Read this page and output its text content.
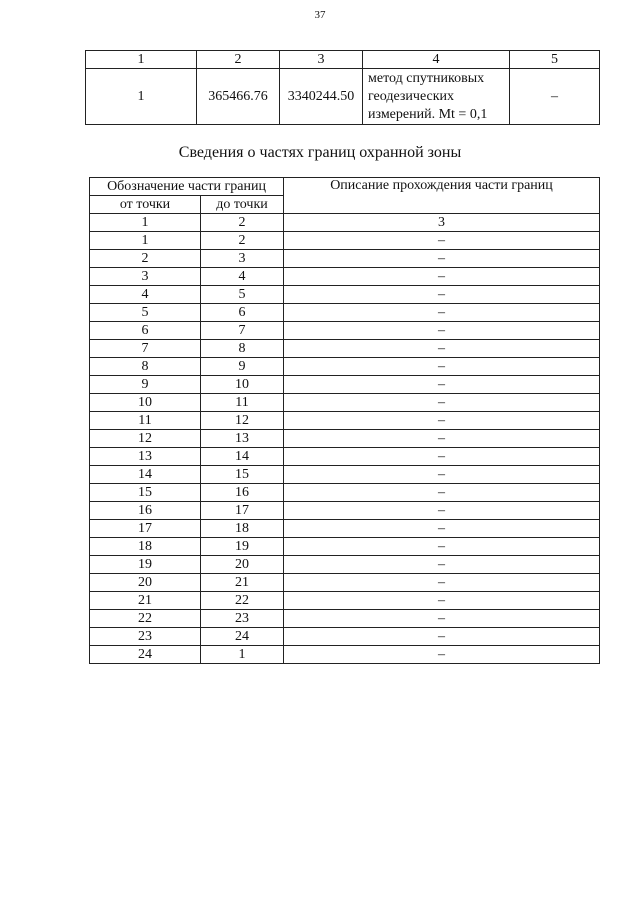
37
1	2	3	4	5
1	365466.76	3340244.50	метод спутниковых
геодезических
измерений. Mt = 0,1	–
Сведения о частях границ охранной зоны
Обозначение части границ		Описание прохождения части границ
от точки	до точки	
1	2	3
1	2	–
2	3	–
3	4	–
4	5	–
5	6	–
6	7	–
7	8	–
8	9	–
9	10	–
10	11	–
11	12	–
12	13	–
13	14	–
14	15	–
15	16	–
16	17	–
17	18	–
18	19	–
19	20	–
20	21	–
21	22	–
22	23	–
23	24	–
24	1	–
